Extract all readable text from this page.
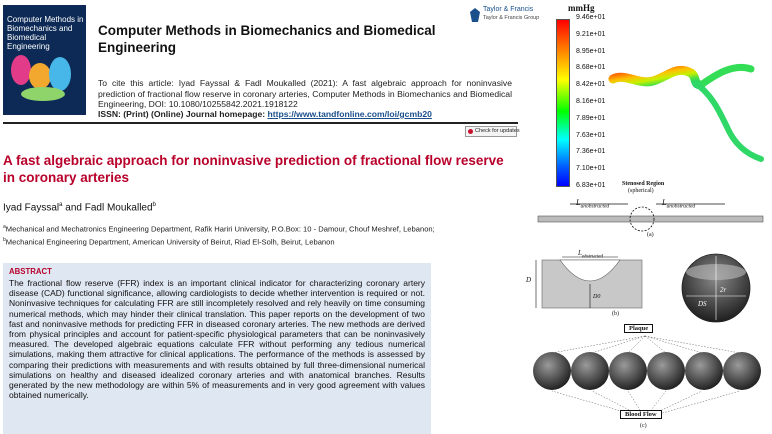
Computer Methods in Biomechanics and Biomedical Engineering
Computer Methods in Biomechanics and Biomedical Engineering
Taylor & Francis
Taylor & Francis Group
To cite this article: Iyad Fayssal & Fadl Moukalled (2021): A fast algebraic approach for noninvasive prediction of fractional flow reserve in coronary arteries, Computer Methods in Biomechanics and Biomedical Engineering, DOI: 10.1080/10255842.2021.1918122
ISSN: (Print) (Online) Journal homepage: https://www.tandfonline.com/loi/gcmb20
Check for updates
A fast algebraic approach for noninvasive prediction of fractional flow reserve in coronary arteries
Iyad Fayssal$^a$ and Fadl Moukalled$^b$
$^a$Mechanical and Mechatronics Engineering Department, Rafik Hariri University, P.O.Box: 10 - Damour, Chouf Meshref, Lebanon;
$^b$Mechanical Engineering Department, American University of Beirut, Riad El-Solh, Beirut, Lebanon
ABSTRACT
The fractional flow reserve (FFR) index is an important clinical indicator for characterizing coronary artery disease (CAD) functional significance, allowing cardiologists to decide whether intervention is required or not. Noninvasive techniques for calculating FFR are still incompletely resolved and rely heavily on time consuming numerical methods, which may hinder their clinical translation. This paper reports on the development of two fast and noninvasive methods for predicting FFR in diseased coronary arteries. The new methods are derived from physical principles and account for patient-specific physiological parameters that can be noninvasively measured. The developed algebraic equations calculate FFR without performing any tedious numerical simulations, making them attractive for clinical applications. The performance of the methods is assessed by comparing their predictions with measurements and with results obtained by full three-dimensional numerical simulations on healthy and diseased idealized coronary arteries and with anatomical branches. Results generated by the new methodology are within 5% of measurements and in very good agreement with values obtained numerically.
mmHg
9.46e+01
9.21e+01
8.95e+01
8.68e+01
8.42e+01
8.16e+01
7.89e+01
7.63e+01
7.36e+01
7.10e+01
6.83e+01
$L_{unobstructed}$	$L_{unobstructed}$
Stenosed Region
(spherical)
(a)
$L_{obstructed}$
D
D0
(b)
2r
DS
Plaque
Blood Flow
(c)
